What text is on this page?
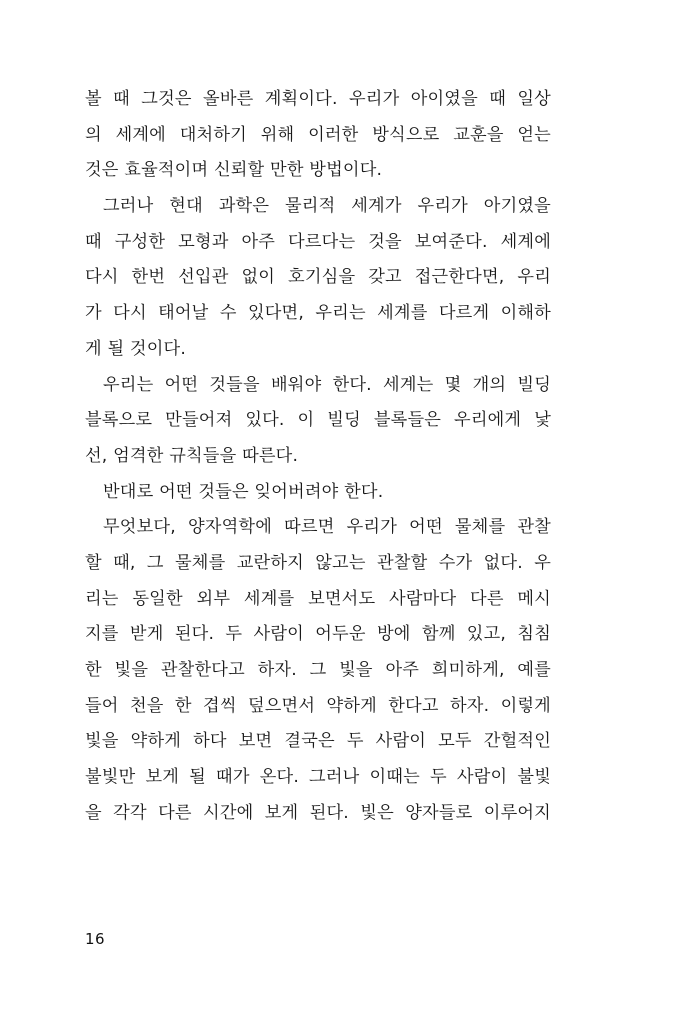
볼 때 그것은 올바른 계획이다. 우리가 아이였을 때 일상
의 세계에 대처하기 위해 이러한 방식으로 교훈을 얻는
것은 효율적이며 신뢰할 만한 방법이다.
그러나 현대 과학은 물리적 세계가 우리가 아기였을
때 구성한 모형과 아주 다르다는 것을 보여준다. 세계에
다시 한번 선입관 없이 호기심을 갖고 접근한다면, 우리
가 다시 태어날 수 있다면, 우리는 세계를 다르게 이해하
게 될 것이다.
우리는 어떤 것들을 배워야 한다. 세계는 몇 개의 빌딩
블록으로 만들어져 있다. 이 빌딩 블록들은 우리에게 낯
선, 엄격한 규칙들을 따른다.
반대로 어떤 것들은 잊어버려야 한다.
무엇보다, 양자역학에 따르면 우리가 어떤 물체를 관찰
할 때, 그 물체를 교란하지 않고는 관찰할 수가 없다. 우
리는 동일한 외부 세계를 보면서도 사람마다 다른 메시
지를 받게 된다. 두 사람이 어두운 방에 함께 있고, 침침
한 빛을 관찰한다고 하자. 그 빛을 아주 희미하게, 예를
들어 천을 한 겹씩 덮으면서 약하게 한다고 하자. 이렇게
빛을 약하게 하다 보면 결국은 두 사람이 모두 간헐적인
불빛만 보게 될 때가 온다. 그러나 이때는 두 사람이 불빛
을 각각 다른 시간에 보게 된다. 빛은 양자들로 이루어지
16
